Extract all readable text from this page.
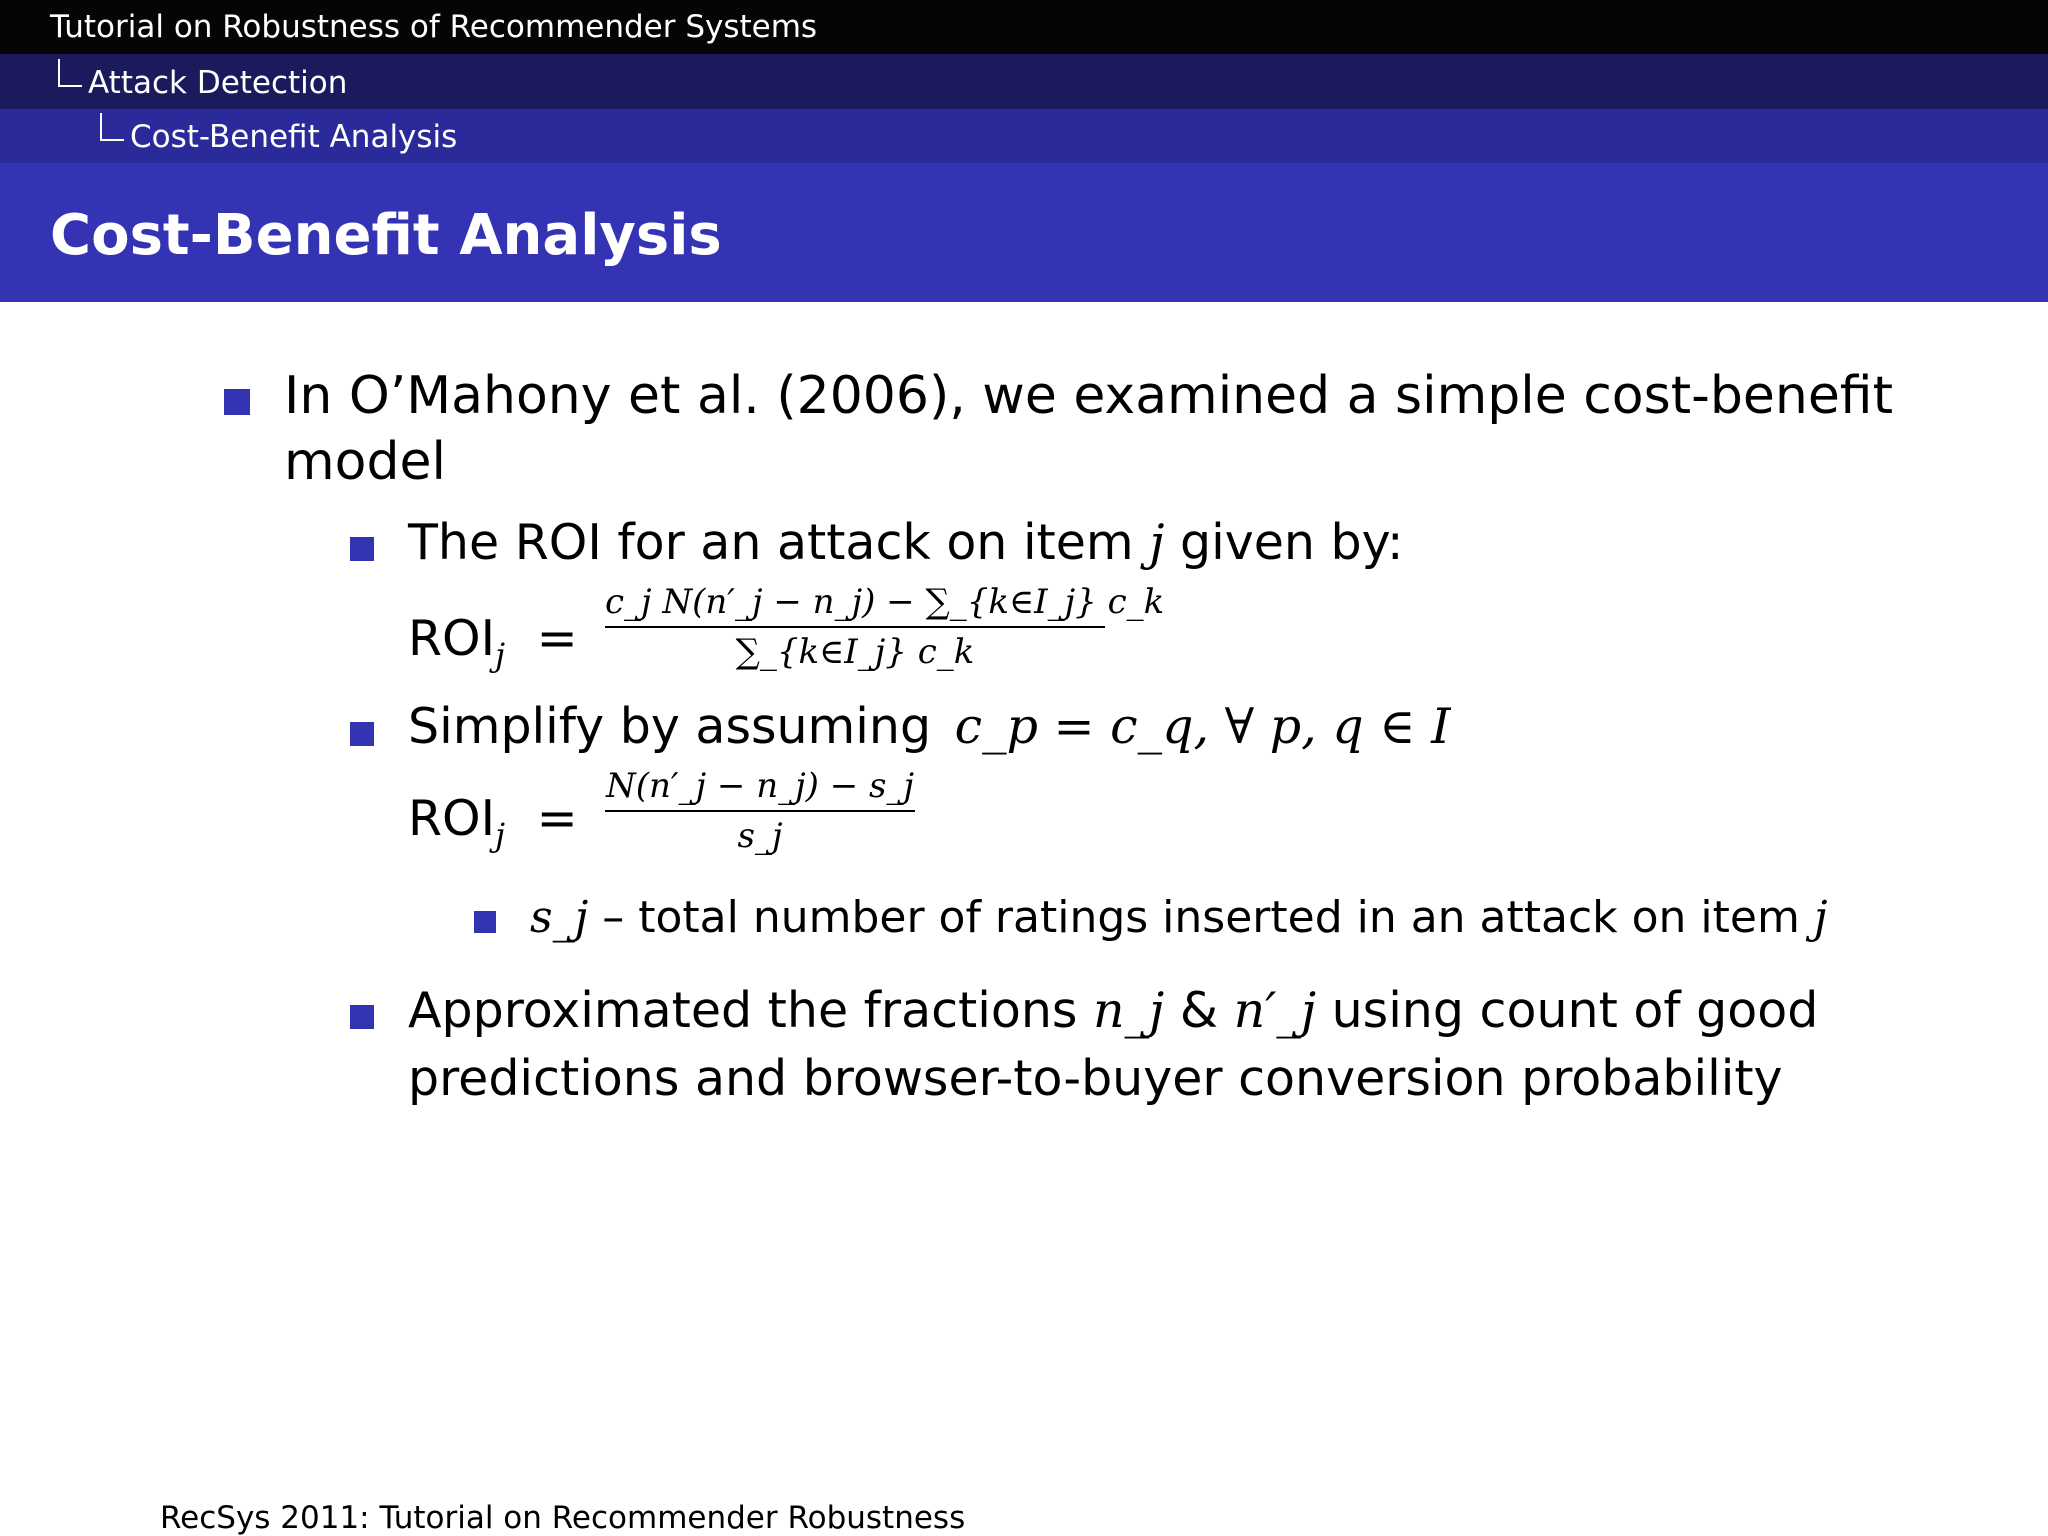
Tutorial on Robustness of Recommender Systems
Attack Detection
Cost-Benefit Analysis
Cost-Benefit Analysis
In O’Mahony et al. (2006), we examined a simple cost-benefit
model
The ROI for an attack on item j given by:
$ROI_j$ =
c_j N(n′_j − n_j) − ∑_{k∈I_j} c_k
∑_{k∈I_j} c_k
Simplify by assuming c_p = c_q, ∀ p, q ∈ I
$ROI_j$ =
N(n′_j − n_j) − s_j
s_j
s_j – total number of ratings inserted in an attack on item j
Approximated the fractions n_j & n′_j using count of good
predictions and browser-to-buyer conversion probability
RecSys 2011: Tutorial on Recommender Robustness
